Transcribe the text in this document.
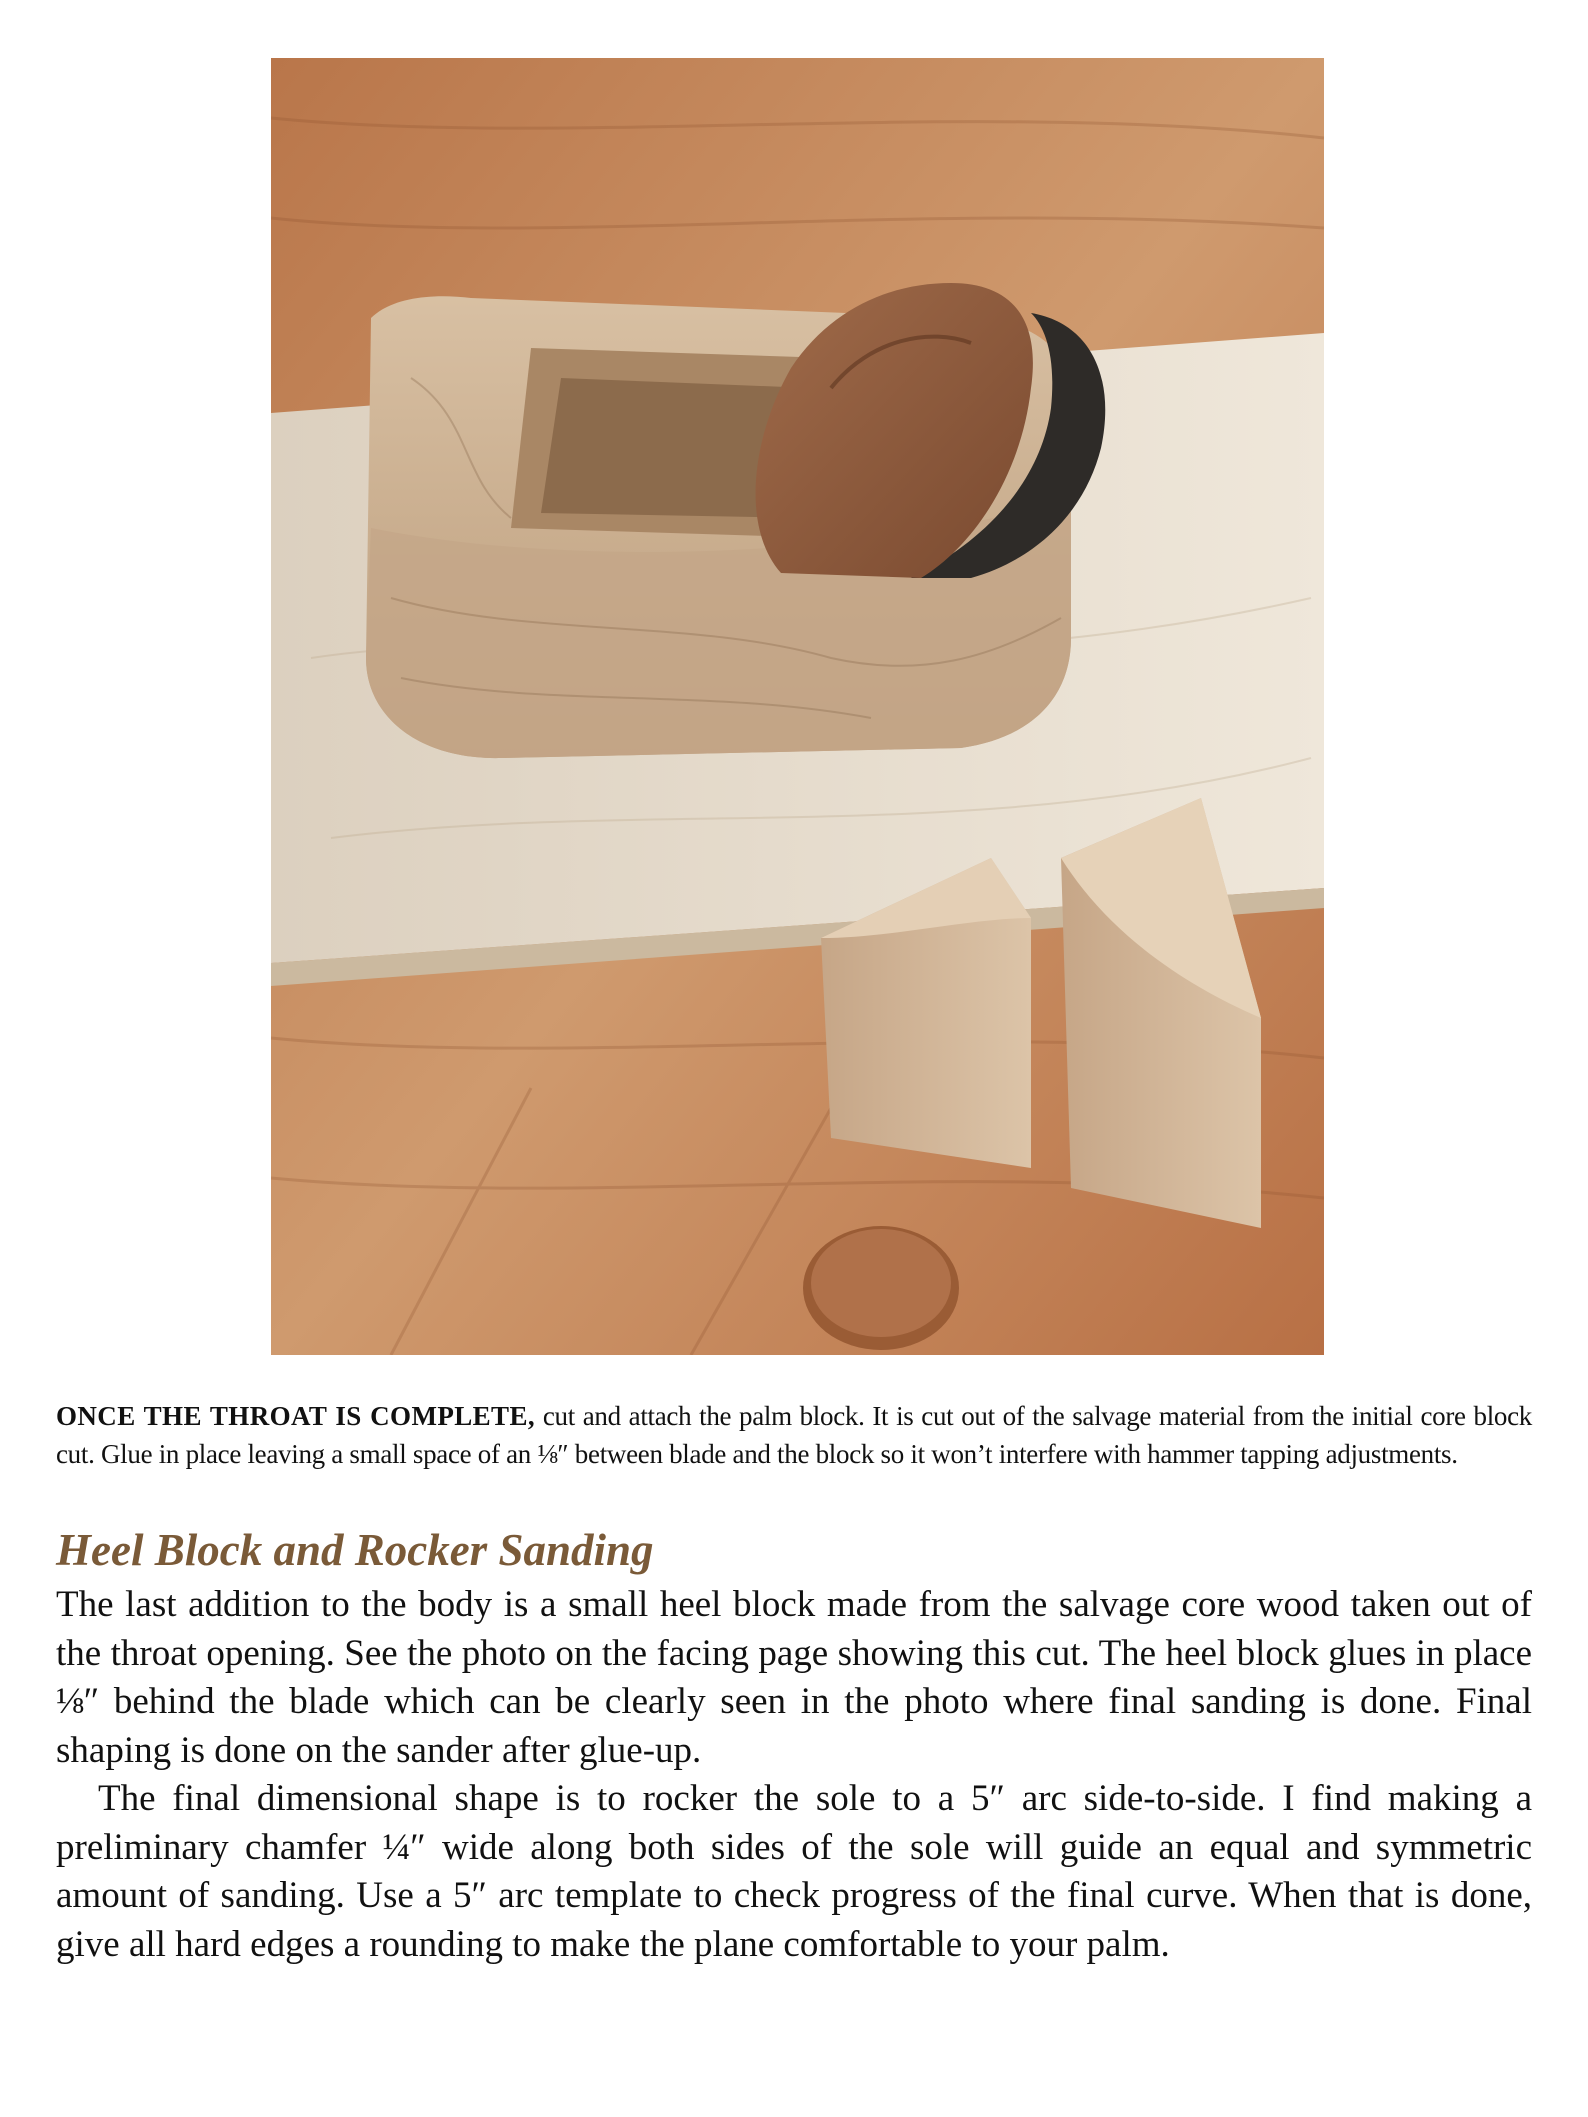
ONCE THE THROAT IS COMPLETE, cut and attach the palm block. It is cut out of the salvage material from the initial core block cut. Glue in place leaving a small space of an ⅛″ between blade and the block so it won’t interfere with hammer tapping adjustments.

Heel Block and Rocker Sanding

The last addition to the body is a small heel block made from the salvage core wood taken out of the throat opening. See the photo on the facing page showing this cut. The heel block glues in place ⅛″ behind the blade which can be clearly seen in the photo where final sanding is done. Final shaping is done on the sander after glue-up.

The final dimensional shape is to rocker the sole to a 5″ arc side-to-side. I find making a preliminary chamfer ¼″ wide along both sides of the sole will guide an equal and symmetric amount of sanding. Use a 5″ arc template to check progress of the final curve. When that is done, give all hard edges a rounding to make the plane comfortable to your palm.
